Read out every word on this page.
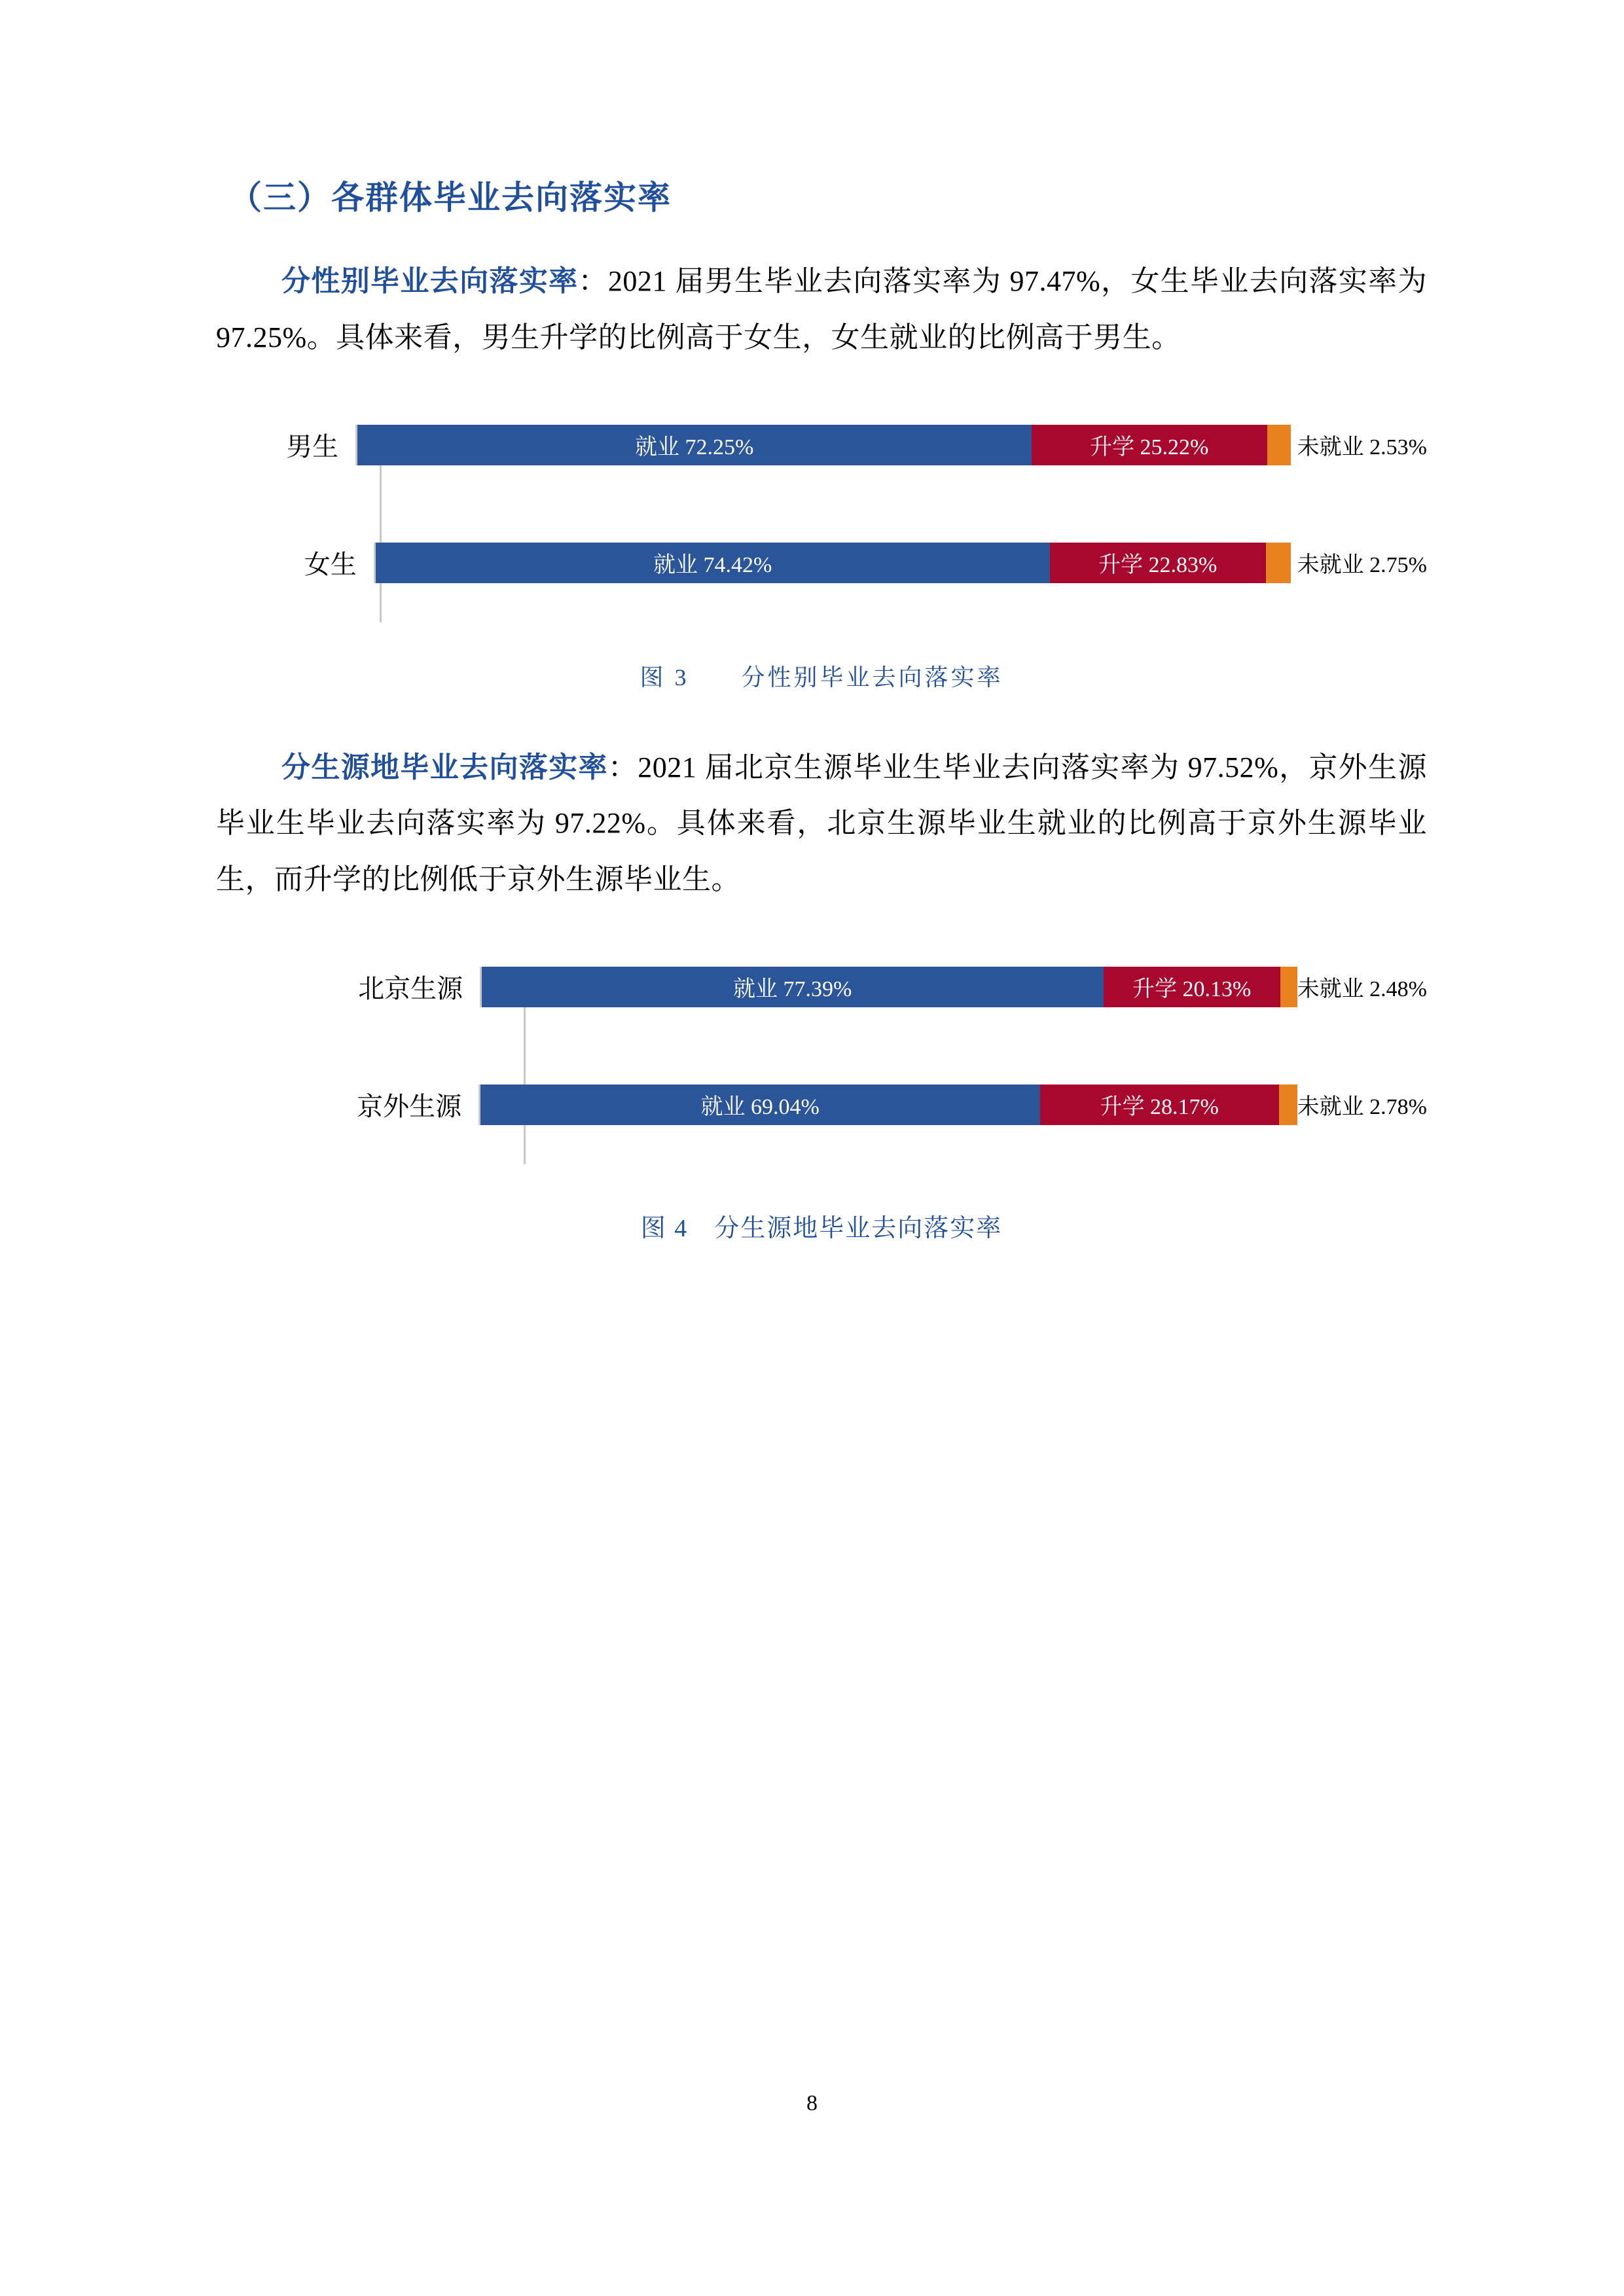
（三）各群体毕业去向落实率

分性别毕业去向落实率：2021 届男生毕业去向落实率为 97.47%，女生毕业去向落实率为 97.25%。具体来看，男生升学的比例高于女生，女生就业的比例高于男生。

男生	就业 72.25%	升学 25.22%	未就业 2.53%
女生	就业 74.42%	升学 22.83%	未就业 2.75%
图 3　　分性别毕业去向落实率

分生源地毕业去向落实率：2021 届北京生源毕业生毕业去向落实率为 97.52%，京外生源毕业生毕业去向落实率为 97.22%。具体来看，北京生源毕业生就业的比例高于京外生源毕业生，而升学的比例低于京外生源毕业生。

北京生源	就业 77.39%	升学 20.13%	未就业 2.48%
京外生源	就业 69.04%	升学 28.17%	未就业 2.78%
图 4　分生源地毕业去向落实率
8
